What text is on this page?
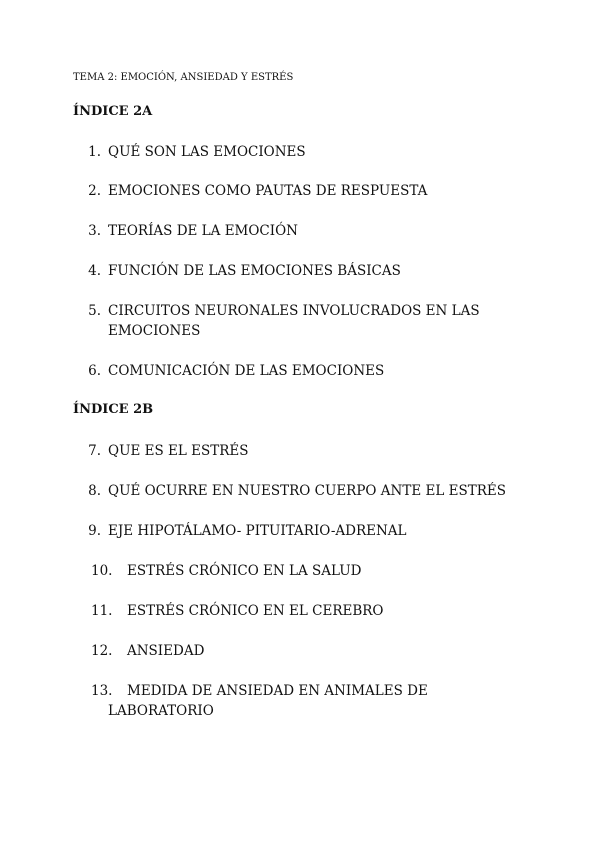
TEMA 2: EMOCIÓN, ANSIEDAD Y ESTRÉS
ÍNDICE 2A
1. QUÉ SON LAS EMOCIONES
2. EMOCIONES COMO PAUTAS DE RESPUESTA
3. TEORÍAS DE LA EMOCIÓN
4. FUNCIÓN DE LAS EMOCIONES BÁSICAS
5. CIRCUITOS NEURONALES INVOLUCRADOS EN LAS
EMOCIONES
6. COMUNICACIÓN DE LAS EMOCIONES
ÍNDICE 2B
7. QUE ES EL ESTRÉS
8. QUÉ OCURRE EN NUESTRO CUERPO ANTE EL ESTRÉS
9. EJE HIPOTÁLAMO- PITUITARIO-ADRENAL
10.	ESTRÉS CRÓNICO EN LA SALUD
11.	ESTRÉS CRÓNICO EN EL CEREBRO
12.	ANSIEDAD
13.	MEDIDA DE ANSIEDAD EN ANIMALES DE
LABORATORIO
